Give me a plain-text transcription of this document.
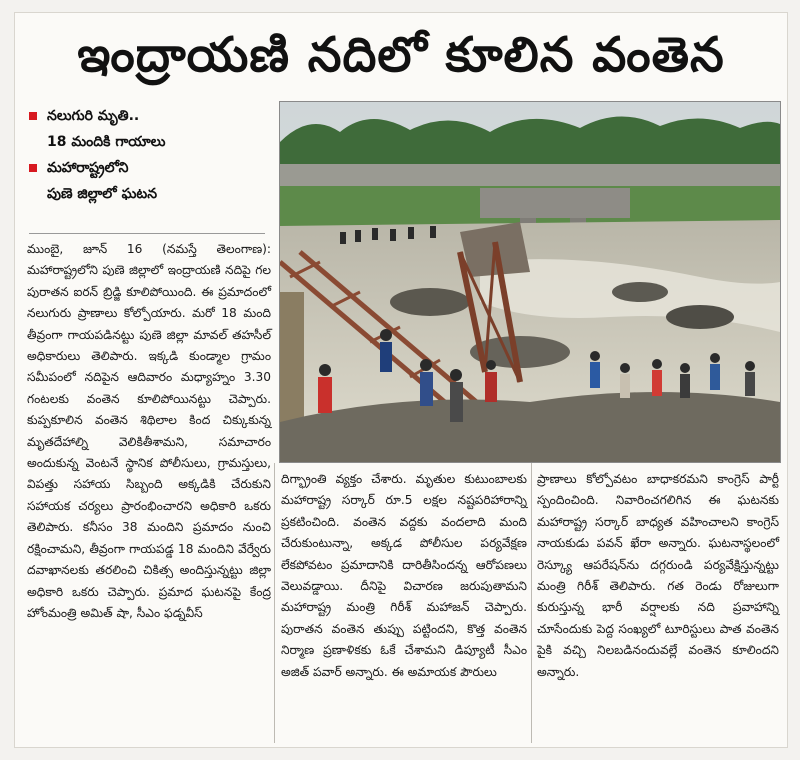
ఇంద్రాయణి నదిలో కూలిన వంతెన
నలుగురి మృతి..
18 మందికి గాయాలు
మహారాష్ట్రలోని
పుణె జిల్లాలో ఘటన

ముంబై, జూన్ 16 (నమస్తే తెలంగాణ): మహారాష్ట్రలోని పుణె జిల్లాలో ఇంద్రాయణి నదిపై గల పురాతన ఐరన్ బ్రిడ్జి కూలిపోయింది. ఈ ప్రమాదంలో నలుగురు ప్రాణాలు కోల్పోయారు. మరో 18 మంది తీవ్రంగా గాయపడినట్టు పుణె జిల్లా మావల్ తహసీల్ అధికారులు తెలిపారు. ఇక్కడి కుండ్మాల గ్రామం సమీపంలో నదిపైన ఆదివారం మధ్యాహ్నం 3.30 గంటలకు వంతెన కూలిపోయినట్టు చెప్పారు. కుప్పకూలిన వంతెన శిథిలాల కింద చిక్కుకున్న మృతదేహాల్ని వెలికితీశామని, సమాచారం అందుకున్న వెంటనే స్థానిక పోలీసులు, గ్రామస్తులు, విపత్తు సహాయ సిబ్బంది అక్కడికి చేరుకుని సహాయక చర్యలు ప్రారంభించారని అధికారి ఒకరు తెలిపారు. కనీసం 38 మందిని ప్రమాదం నుంచి రక్షించామని, తీవ్రంగా గాయపడ్డ 18 మందిని వేర్వేరు దవాఖానలకు తరలించి చికిత్స అందిస్తున్నట్టు జిల్లా అధికారి ఒకరు చెప్పారు. ప్రమాద ఘటనపై కేంద్ర హోంమంత్రి అమిత్ షా, సీఎం ఫడ్నవీస్

దిగ్భ్రాంతి వ్యక్తం చేశారు. మృతుల కుటుంబాలకు మహారాష్ట్ర సర్కార్ రూ.5 లక్షల నష్టపరిహారాన్ని ప్రకటించింది. వంతెన వద్దకు వందలాది మంది చేరుకుంటున్నా, అక్కడ పోలీసుల పర్యవేక్షణ లేకపోవటం ప్రమాదానికి దారితీసిందన్న ఆరోపణలు వెలువడ్డాయి. దీనిపై విచారణ జరుపుతామని మహారాష్ట్ర మంత్రి గిరీశ్ మహాజన్ చెప్పారు. పురాతన వంతెన తుప్పు పట్టిందని, కొత్త వంతెన నిర్మాణ ప్రణాళికకు ఓకే చేశామని డిప్యూటీ సీఎం అజిత్ పవార్ అన్నారు. ఈ అమాయక పౌరులు

ప్రాణాలు కోల్పోవటం బాధాకరమని కాంగ్రెస్ పార్టీ స్పందించింది. నివారించగలిగిన ఈ ఘటనకు మహారాష్ట్ర సర్కార్ బాధ్యత వహించాలని కాంగ్రెస్ నాయకుడు పవన్ ఖేరా అన్నారు. ఘటనాస్థలంలో రెస్క్యూ ఆపరేషన్‌ను దగ్గరుండి పర్యవేక్షిస్తున్నట్టు మంత్రి గిరీశ్ తెలిపారు. గత రెండు రోజులుగా కురుస్తున్న భారీ వర్షాలకు నది ప్రవాహాన్ని చూసేందుకు పెద్ద సంఖ్యలో టూరిస్టులు పాత వంతెన పైకి వచ్చి నిలబడినందువల్లే వంతెన కూలిందని అన్నారు.
